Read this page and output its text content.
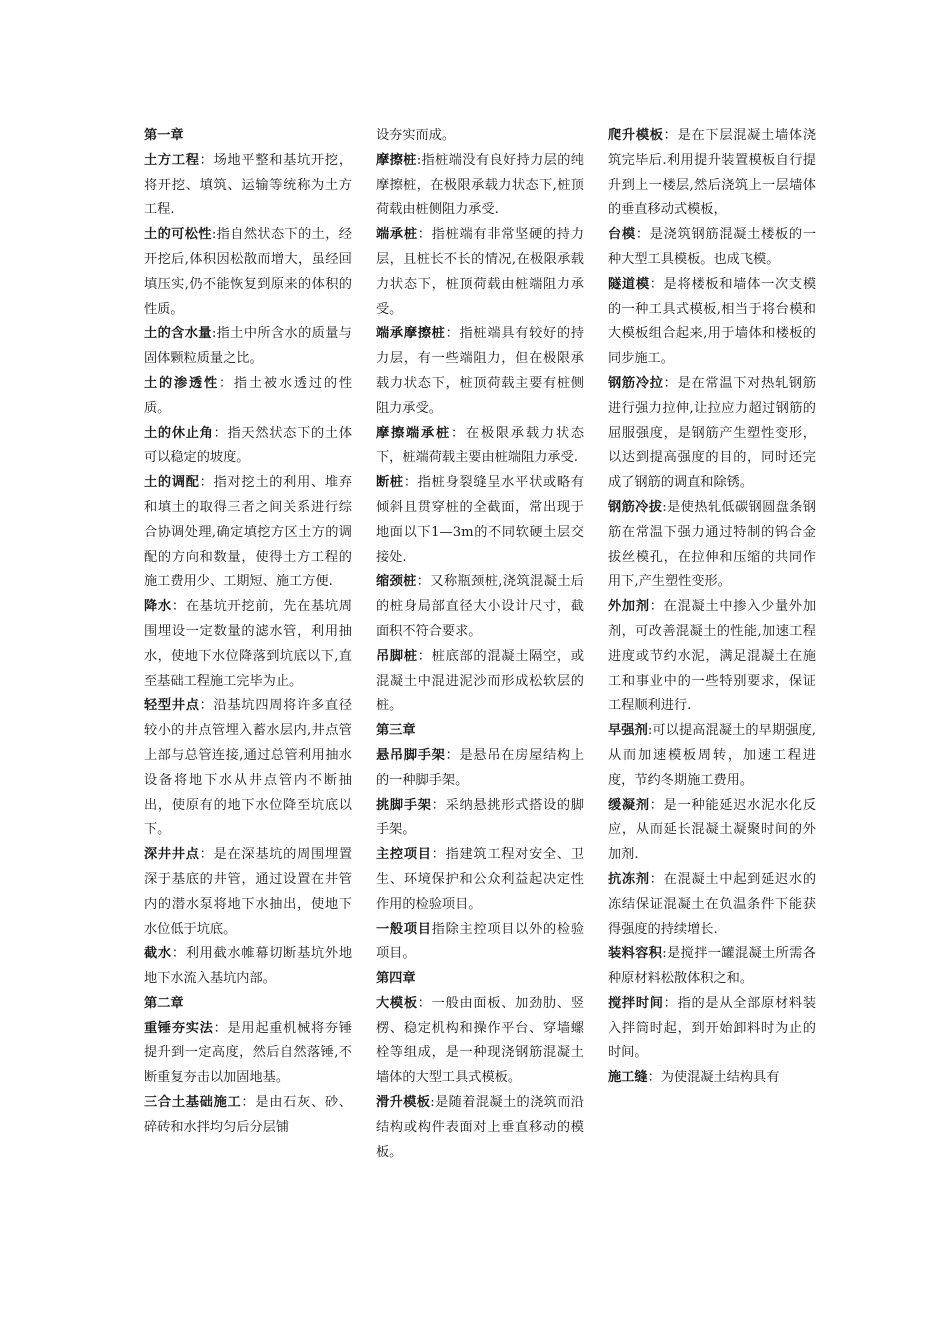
第一章
土方工程：场地平整和基坑开挖，将开挖、填筑、运输等统称为土方工程.
土的可松性:指自然状态下的土，经开挖后,体积因松散而增大，虽经回填压实,仍不能恢复到原来的体积的性质。
土的含水量:指土中所含水的质量与固体颗粒质量之比。
土的渗透性：指土被水透过的性质。
土的休止角：指天然状态下的土体可以稳定的坡度。
土的调配：指对挖土的利用、堆弃和填土的取得三者之间关系进行综合协调处理,确定填挖方区土方的调配的方向和数量，使得土方工程的施工费用少、工期短、施工方便.
降水：在基坑开挖前，先在基坑周围埋设一定数量的滤水管，利用抽水，使地下水位降落到坑底以下,直至基础工程施工完毕为止。
轻型井点：沿基坑四周将许多直径较小的井点管埋入蓄水层内,井点管上部与总管连接,通过总管利用抽水设备将地下水从井点管内不断抽出，使原有的地下水位降至坑底以下。
深井井点：是在深基坑的周围埋置深于基底的井管，通过设置在井管内的潜水泵将地下水抽出，使地下水位低于坑底。
截水：利用截水帷幕切断基坑外地地下水流入基坑内部。
第二章
重锤夯实法：是用起重机械将夯锤提升到一定高度，然后自然落锤,不断重复夯击以加固地基。
三合土基础施工：是由石灰、砂、碎砖和水拌均匀后分层铺
设夯实而成。
摩擦桩:指桩端没有良好持力层的纯摩擦桩，在极限承载力状态下,桩顶荷载由桩侧阻力承受.
端承桩：指桩端有非常坚硬的持力层，且桩长不长的情况,在极限承载力状态下，桩顶荷载由桩端阻力承受。
端承摩擦桩：指桩端具有较好的持力层，有一些端阻力，但在极限承载力状态下，桩顶荷载主要有桩侧阻力承受。
摩擦端承桩：在极限承载力状态下，桩端荷载主要由桩端阻力承受.
断桩：指桩身裂缝呈水平状或略有倾斜且贯穿桩的全截面，常出现于地面以下1—3m的不同软硬土层交接处.
缩颈桩：又称瓶颈桩,浇筑混凝土后的桩身局部直径大小设计尺寸，截面积不符合要求。
吊脚桩：桩底部的混凝土隔空，或混凝土中混进泥沙而形成松软层的桩。
第三章
悬吊脚手架：是悬吊在房屋结构上的一种脚手架。
挑脚手架：采纳悬挑形式搭设的脚手架。
主控项目：指建筑工程对安全、卫生、环境保护和公众利益起决定性作用的检验项目。
一般项目指除主控项目以外的检验项目。
第四章
大模板：一般由面板、加劲肋、竖楞、稳定机构和操作平台、穿墙螺栓等组成，是一种现浇钢筋混凝土墙体的大型工具式模板。
滑升模板:是随着混凝土的浇筑而沿结构或构件表面对上垂直移动的模板。
爬升模板：是在下层混凝土墙体浇筑完毕后.利用提升装置模板自行提升到上一楼层,然后浇筑上一层墙体的垂直移动式模板，
台模：是浇筑钢筋混凝土楼板的一种大型工具模板。也成飞模。
隧道模：是将楼板和墙体一次支模的一种工具式模板,相当于将台模和大模板组合起来,用于墙体和楼板的同步施工。
钢筋冷拉：是在常温下对热轧钢筋进行强力拉伸,让拉应力超过钢筋的屈服强度，是钢筋产生塑性变形，以达到提高强度的目的，同时还完成了钢筋的调直和除锈。
钢筋冷拔:是使热轧低碳钢圆盘条钢筋在常温下强力通过特制的钨合金拔丝模孔，在拉伸和压缩的共同作用下,产生塑性变形。
外加剂：在混凝土中掺入少量外加剂，可改善混凝土的性能,加速工程进度或节约水泥，满足混凝土在施工和事业中的一些特别要求，保证工程顺利进行.
早强剂:可以提高混凝土的早期强度,从而加速模板周转，加速工程进度，节约冬期施工费用。
缓凝剂：是一种能延迟水泥水化反应，从而延长混凝土凝聚时间的外加剂.
抗冻剂：在混凝土中起到延迟水的冻结保证混凝土在负温条件下能获得强度的持续增长.
装料容积:是搅拌一罐混凝土所需各种原材料松散体积之和。
搅拌时间：指的是从全部原材料装入拌筒时起，到开始卸料时为止的时间。
施工缝：为使混凝土结构具有
